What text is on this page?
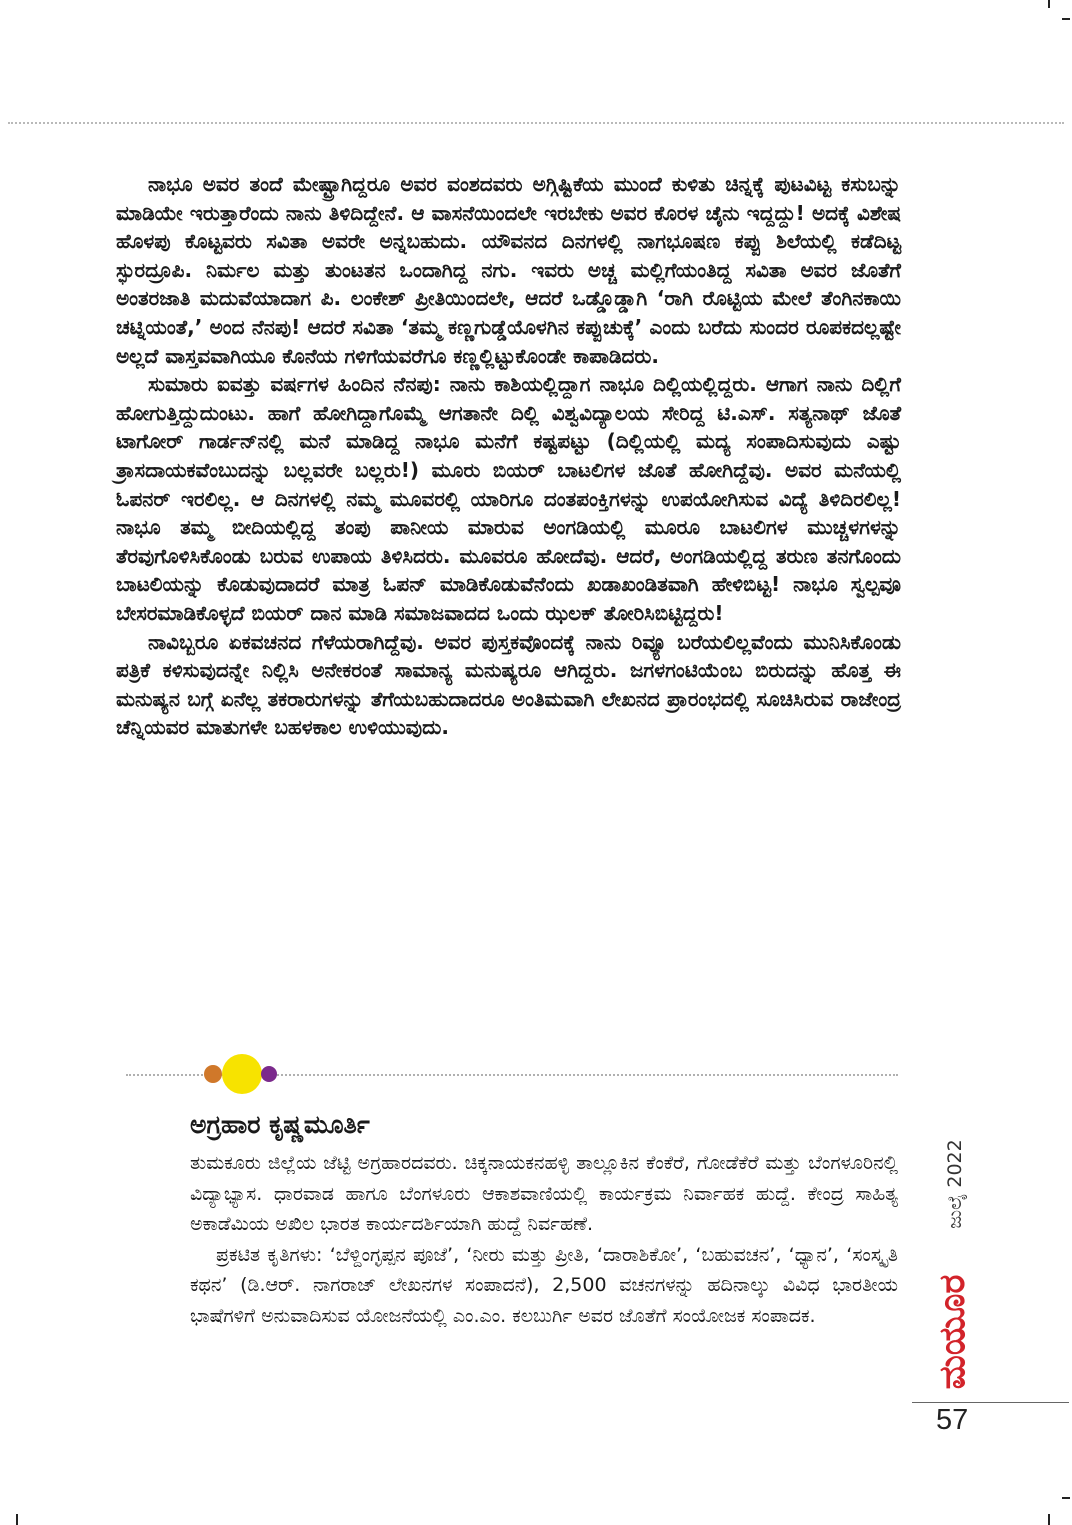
ನಾಭೂ ಅವರ ತಂದೆ ಮೇಷ್ಟ್ರಾಗಿದ್ದರೂ ಅವರ ವಂಶದವರು ಅಗ್ಗಿಷ್ಟಿಕೆಯ ಮುಂದೆ ಕುಳಿತು ಚಿನ್ನಕ್ಕೆ ಪುಟವಿಟ್ಟ ಕಸುಬನ್ನು ಮಾಡಿಯೇ ಇರುತ್ತಾರೆಂದು ನಾನು ತಿಳಿದಿದ್ದೇನೆ. ಆ ವಾಸನೆಯಿಂದಲೇ ಇರಬೇಕು ಅವರ ಕೊರಳ ಚೈನು ಇದ್ದದ್ದು! ಅದಕ್ಕೆ ವಿಶೇಷ ಹೊಳಪು ಕೊಟ್ಟವರು ಸವಿತಾ ಅವರೇ ಅನ್ನಬಹುದು. ಯೌವನದ ದಿನಗಳಲ್ಲಿ ನಾಗಭೂಷಣ ಕಪ್ಪು ಶಿಲೆಯಲ್ಲಿ ಕಡೆದಿಟ್ಟ ಸ್ಫುರದ್ರೂಪಿ. ನಿರ್ಮಲ ಮತ್ತು ತುಂಟತನ ಒಂದಾಗಿದ್ದ ನಗು. ಇವರು ಅಚ್ಚ ಮಲ್ಲಿಗೆಯಂತಿದ್ದ ಸವಿತಾ ಅವರ ಜೊತೆಗೆ ಅಂತರಜಾತಿ ಮದುವೆಯಾದಾಗ ಪಿ. ಲಂಕೇಶ್ ಪ್ರೀತಿಯಿಂದಲೇ, ಆದರೆ ಒಡ್ಡೊಡ್ಡಾಗಿ ‘ರಾಗಿ ರೊಟ್ಟಿಯ ಮೇಲೆ ತೆಂಗಿನಕಾಯಿ ಚಟ್ನಿಯಂತೆ,’ ಅಂದ ನೆನಪು! ಆದರೆ ಸವಿತಾ ‘ತಮ್ಮ ಕಣ್ಣಗುಡ್ಡೆಯೊಳಗಿನ ಕಪ್ಪುಚುಕ್ಕೆ’ ಎಂದು ಬರೆದು ಸುಂದರ ರೂಪಕದಲ್ಲಷ್ಟೇ ಅಲ್ಲದೆ ವಾಸ್ತವವಾಗಿಯೂ ಕೊನೆಯ ಗಳಿಗೆಯವರೆಗೂ ಕಣ್ಣಲ್ಲಿಟ್ಟುಕೊಂಡೇ ಕಾಪಾಡಿದರು.

ಸುಮಾರು ಐವತ್ತು ವರ್ಷಗಳ ಹಿಂದಿನ ನೆನಪು: ನಾನು ಕಾಶಿಯಲ್ಲಿದ್ದಾಗ ನಾಭೂ ದಿಲ್ಲಿಯಲ್ಲಿದ್ದರು. ಆಗಾಗ ನಾನು ದಿಲ್ಲಿಗೆ ಹೋಗುತ್ತಿದ್ದುದುಂಟು. ಹಾಗೆ ಹೋಗಿದ್ದಾಗೊಮ್ಮೆ ಆಗತಾನೇ ದಿಲ್ಲಿ ವಿಶ್ವವಿದ್ಯಾಲಯ ಸೇರಿದ್ದ ಟಿ.ಎಸ್. ಸತ್ಯನಾಥ್ ಜೊತೆ ಟಾಗೋರ್ ಗಾರ್ಡನ್‌ನಲ್ಲಿ ಮನೆ ಮಾಡಿದ್ದ ನಾಭೂ ಮನೆಗೆ ಕಷ್ಟಪಟ್ಟು (ದಿಲ್ಲಿಯಲ್ಲಿ ಮದ್ಯ ಸಂಪಾದಿಸುವುದು ಎಷ್ಟು ತ್ರಾಸದಾಯಕವೆಂಬುದನ್ನು ಬಲ್ಲವರೇ ಬಲ್ಲರು!) ಮೂರು ಬಿಯರ್ ಬಾಟಲಿಗಳ ಜೊತೆ ಹೋಗಿದ್ದೆವು. ಅವರ ಮನೆಯಲ್ಲಿ ಓಪನರ್ ಇರಲಿಲ್ಲ. ಆ ದಿನಗಳಲ್ಲಿ ನಮ್ಮ ಮೂವರಲ್ಲಿ ಯಾರಿಗೂ ದಂತಪಂಕ್ತಿಗಳನ್ನು ಉಪಯೋಗಿಸುವ ವಿದ್ಯೆ ತಿಳಿದಿರಲಿಲ್ಲ! ನಾಭೂ ತಮ್ಮ ಬೀದಿಯಲ್ಲಿದ್ದ ತಂಪು ಪಾನೀಯ ಮಾರುವ ಅಂಗಡಿಯಲ್ಲಿ ಮೂರೂ ಬಾಟಲಿಗಳ ಮುಚ್ಚಳಗಳನ್ನು ತೆರವುಗೊಳಿಸಿಕೊಂಡು ಬರುವ ಉಪಾಯ ತಿಳಿಸಿದರು. ಮೂವರೂ ಹೋದೆವು. ಆದರೆ, ಅಂಗಡಿಯಲ್ಲಿದ್ದ ತರುಣ ತನಗೊಂದು ಬಾಟಲಿಯನ್ನು ಕೊಡುವುದಾದರೆ ಮಾತ್ರ ಓಪನ್ ಮಾಡಿಕೊಡುವೆನೆಂದು ಖಡಾಖಂಡಿತವಾಗಿ ಹೇಳಿಬಿಟ್ಟ! ನಾಭೂ ಸ್ವಲ್ಪವೂ ಬೇಸರಮಾಡಿಕೊಳ್ಳದೆ ಬಿಯರ್ ದಾನ ಮಾಡಿ ಸಮಾಜವಾದದ ಒಂದು ಝಲಕ್ ತೋರಿಸಿಬಿಟ್ಟಿದ್ದರು!

ನಾವಿಬ್ಬರೂ ಏಕವಚನದ ಗೆಳೆಯರಾಗಿದ್ದೆವು. ಅವರ ಪುಸ್ತಕವೊಂದಕ್ಕೆ ನಾನು ರಿವ್ಯೂ ಬರೆಯಲಿಲ್ಲವೆಂದು ಮುನಿಸಿಕೊಂಡು ಪತ್ರಿಕೆ ಕಳಿಸುವುದನ್ನೇ ನಿಲ್ಲಿಸಿ ಅನೇಕರಂತೆ ಸಾಮಾನ್ಯ ಮನುಷ್ಯರೂ ಆಗಿದ್ದರು. ಜಗಳಗಂಟಿಯೆಂಬ ಬಿರುದನ್ನು ಹೊತ್ತ ಈ ಮನುಷ್ಯನ ಬಗ್ಗೆ ಏನೆಲ್ಲ ತಕರಾರುಗಳನ್ನು ತೆಗೆಯಬಹುದಾದರೂ ಅಂತಿಮವಾಗಿ ಲೇಖನದ ಪ್ರಾರಂಭದಲ್ಲಿ ಸೂಚಿಸಿರುವ ರಾಜೇಂದ್ರ ಚೆನ್ನಿಯವರ ಮಾತುಗಳೇ ಬಹಳಕಾಲ ಉಳಿಯುವುದು.

ಅಗ್ರಹಾರ ಕೃಷ್ಣಮೂರ್ತಿ

ತುಮಕೂರು ಜಿಲ್ಲೆಯ ಜೆಟ್ಟಿ ಅಗ್ರಹಾರದವರು. ಚಿಕ್ಕನಾಯಕನಹಳ್ಳಿ ತಾಲ್ಲೂಕಿನ ಕೆಂಕೆರೆ, ಗೋಡೆಕೆರೆ ಮತ್ತು ಬೆಂಗಳೂರಿನಲ್ಲಿ ವಿದ್ಯಾಭ್ಯಾಸ. ಧಾರವಾಡ ಹಾಗೂ ಬೆಂಗಳೂರು ಆಕಾಶವಾಣಿಯಲ್ಲಿ ಕಾರ್ಯಕ್ರಮ ನಿರ್ವಾಹಕ ಹುದ್ದೆ. ಕೇಂದ್ರ ಸಾಹಿತ್ಯ ಅಕಾಡೆಮಿಯ ಅಖಿಲ ಭಾರತ ಕಾರ್ಯದರ್ಶಿಯಾಗಿ ಹುದ್ದೆ ನಿರ್ವಹಣೆ.

ಪ್ರಕಟಿತ ಕೃತಿಗಳು: ‘ಬೆಳ್ದಿಂಗ್ಳಪ್ಪನ ಪೂಜೆ’, ‘ನೀರು ಮತ್ತು ಪ್ರೀತಿ, ‘ದಾರಾಶಿಕೋ’, ‘ಬಹುವಚನ’, ‘ಧ್ಯಾನ’, ‘ಸಂಸ್ಕೃತಿ ಕಥನ’ (ಡಿ.ಆರ್. ನಾಗರಾಜ್ ಲೇಖನಗಳ ಸಂಪಾದನೆ), 2,500 ವಚನಗಳನ್ನು ಹದಿನಾಲ್ಕು ವಿವಿಧ ಭಾರತೀಯ ಭಾಷೆಗಳಿಗೆ ಅನುವಾದಿಸುವ ಯೋಜನೆಯಲ್ಲಿ ಎಂ.ಎಂ. ಕಲಬುರ್ಗಿ ಅವರ ಜೊತೆಗೆ ಸಂಯೋಜಕ ಸಂಪಾದಕ.

ಜುಲೈ 2022
ಮಯೂರ
57
